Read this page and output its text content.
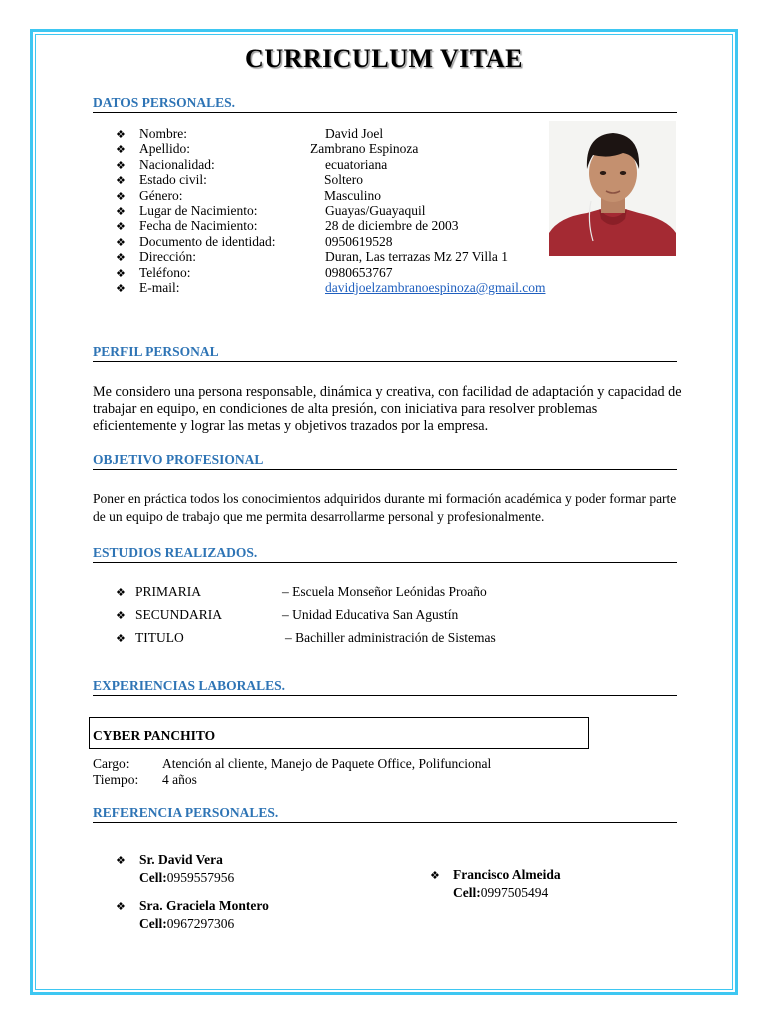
CURRICULUM VITAE
DATOS PERSONALES.
❖ Nombre:	David Joel
❖ Apellido:	Zambrano Espinoza
❖ Nacionalidad:	ecuatoriana
❖ Estado civil:	Soltero
❖ Género:	Masculino
❖ Lugar de Nacimiento:	Guayas/Guayaquil
❖ Fecha de Nacimiento:	28 de diciembre de 2003
❖ Documento de identidad:	0950619528
❖ Dirección:	Duran, Las terrazas Mz 27 Villa 1
❖ Teléfono:	0980653767
❖ E-mail:	davidjoelzambranoespinoza@gmail.com
PERFIL PERSONAL
Me considero una persona responsable, dinámica y creativa, con facilidad de adaptación y capacidad de trabajar en equipo, en condiciones de alta presión, con iniciativa para resolver problemas eficientemente y lograr las metas y objetivos trazados por la empresa.
OBJETIVO PROFESIONAL
Poner en práctica todos los conocimientos adquiridos durante mi formación académica y poder formar parte de un equipo de trabajo que me permita desarrollarme personal y profesionalmente.
ESTUDIOS REALIZADOS.
❖ PRIMARIA	– Escuela Monseñor Leónidas Proaño
❖ SECUNDARIA	– Unidad Educativa San Agustín
❖ TITULO	– Bachiller administración de Sistemas
EXPERIENCIAS LABORALES.
CYBER PANCHITO
Cargo: Atención al cliente, Manejo de Paquete Office, Polifuncional
Tiempo: 4 años
REFERENCIA PERSONALES.
❖ Sr. David Vera
Cell:0959557956
❖ Sra. Graciela Montero
Cell:0967297306
❖ Francisco Almeida
Cell:0997505494
